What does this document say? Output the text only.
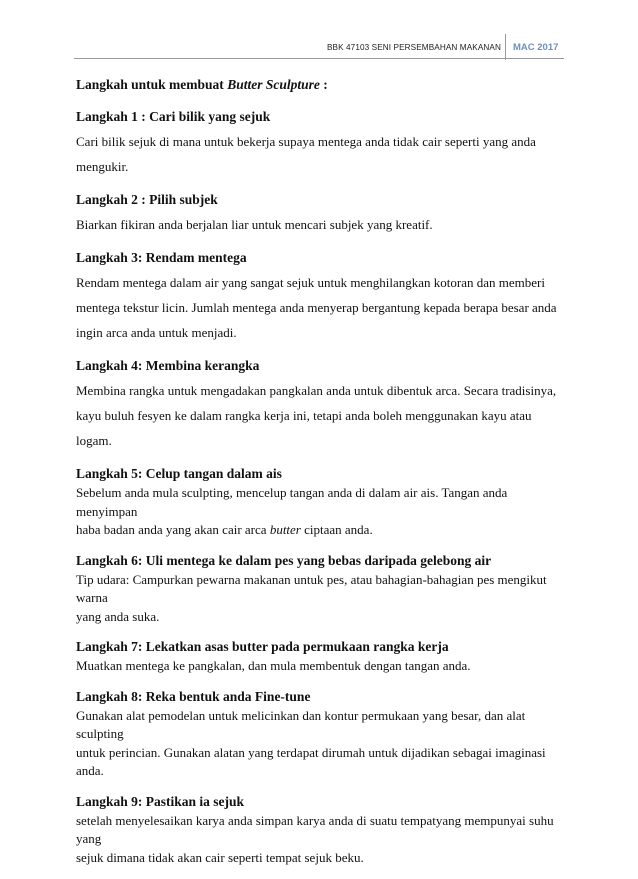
BBK 47103 SENI PERSEMBAHAN MAKANAN MAC 2017
Langkah untuk membuat Butter Sculpture :
Langkah 1 : Cari bilik yang sejuk

Cari bilik sejuk di mana untuk bekerja supaya mentega anda tidak cair seperti yang anda
mengukir.

Langkah 2 : Pilih subjek

Biarkan fikiran anda berjalan liar untuk mencari subjek yang kreatif.

Langkah 3: Rendam mentega

Rendam mentega dalam air yang sangat sejuk untuk menghilangkan kotoran dan memberi
mentega tekstur licin. Jumlah mentega anda menyerap bergantung kepada berapa besar anda
ingin arca anda untuk menjadi.

Langkah 4: Membina kerangka

Membina rangka untuk mengadakan pangkalan anda untuk dibentuk arca. Secara tradisinya,
kayu buluh fesyen ke dalam rangka kerja ini, tetapi anda boleh menggunakan kayu atau logam.

Langkah 5: Celup tangan dalam ais

Sebelum anda mula sculpting, mencelup tangan anda di dalam air ais. Tangan anda menyimpan
haba badan anda yang akan cair arca butter ciptaan anda.

Langkah 6: Uli mentega ke dalam pes yang bebas daripada gelebong air

Tip udara: Campurkan pewarna makanan untuk pes, atau bahagian-bahagian pes mengikut warna
yang anda suka.

Langkah 7: Lekatkan asas butter pada permukaan rangka kerja

Muatkan mentega ke pangkalan, dan mula membentuk dengan tangan anda.

Langkah 8: Reka bentuk anda Fine-tune

Gunakan alat pemodelan untuk melicinkan dan kontur permukaan yang besar, dan alat sculpting
untuk perincian. Gunakan alatan yang terdapat dirumah untuk dijadikan sebagai imaginasi anda.

Langkah 9: Pastikan ia sejuk

setelah menyelesaikan karya anda simpan karya anda di suatu tempatyang mempunyai suhu yang
sejuk dimana tidak akan cair seperti tempat sejuk beku.
